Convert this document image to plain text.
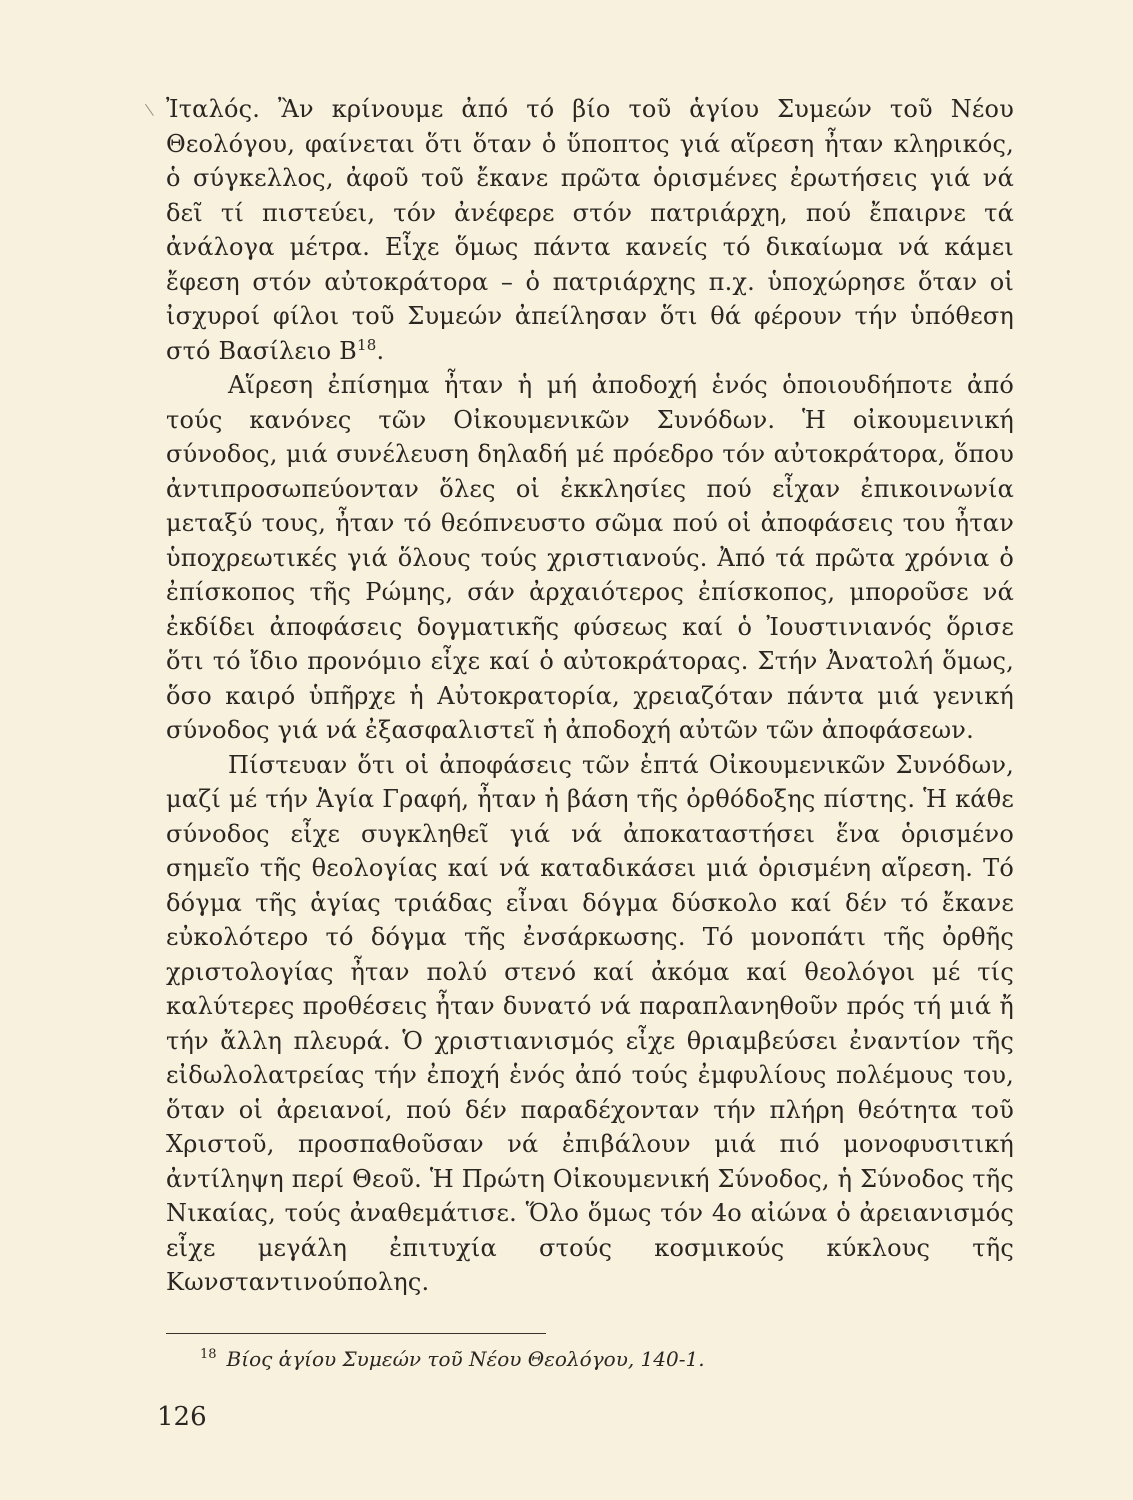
Ἰταλός. Ἂν κρίνουμε ἀπό τό βίο τοῦ ἁγίου Συμεών τοῦ Νέου Θεολόγου, φαίνεται ὅτι ὅταν ὁ ὕποπτος γιά αἵρεση ἦταν κληρικός, ὁ σύγκελλος, ἀφοῦ τοῦ ἔκανε πρῶτα ὁρισμένες ἐρωτήσεις γιά νά δεῖ τί πιστεύει, τόν ἀνέφερε στόν πατριάρχη, πού ἔπαιρνε τά ἀνάλογα μέτρα. Εἶχε ὅμως πάντα κανείς τό δικαίωμα νά κάμει ἔφεση στόν αὐτοκράτορα – ὁ πατριάρχης π.χ. ὑποχώρησε ὅταν οἱ ἰσχυροί φίλοι τοῦ Συμεών ἀπείλησαν ὅτι θά φέρουν τήν ὑπόθεση στό Βασίλειο Β$^{18}$.

Αἵρεση ἐπίσημα ἦταν ἡ μή ἀποδοχή ἑνός ὁποιουδήποτε ἀπό τούς κανόνες τῶν Οἰκουμενικῶν Συνόδων. Ἡ οἰκουμεινική σύνοδος, μιά συνέλευση δηλαδή μέ πρόεδρο τόν αὐτοκράτορα, ὅπου ἀντιπροσωπεύονταν ὅλες οἱ ἐκκλησίες πού εἶχαν ἐπικοινωνία μεταξύ τους, ἦταν τό θεόπνευστο σῶμα πού οἱ ἀποφάσεις του ἦταν ὑποχρεωτικές γιά ὅλους τούς χριστιανούς. Ἀπό τά πρῶτα χρόνια ὁ ἐπίσκοπος τῆς Ρώμης, σάν ἀρχαιότερος ἐπίσκοπος, μποροῦσε νά ἐκδίδει ἀποφάσεις δογματικῆς φύσεως καί ὁ Ἰουστινιανός ὅρισε ὅτι τό ἴδιο προνόμιο εἶχε καί ὁ αὐτοκράτορας. Στήν Ἀνατολή ὅμως, ὅσο καιρό ὑπῆρχε ἡ Αὐτοκρατορία, χρειαζόταν πάντα μιά γενική σύνοδος γιά νά ἐξασφαλιστεῖ ἡ ἀποδοχή αὐτῶν τῶν ἀποφάσεων.

Πίστευαν ὅτι οἱ ἀποφάσεις τῶν ἑπτά Οἰκουμενικῶν Συνόδων, μαζί μέ τήν Ἁγία Γραφή, ἦταν ἡ βάση τῆς ὀρθόδοξης πίστης. Ἡ κάθε σύνοδος εἶχε συγκληθεῖ γιά νά ἀποκαταστήσει ἕνα ὁρισμένο σημεῖο τῆς θεολογίας καί νά καταδικάσει μιά ὁρισμένη αἵρεση. Τό δόγμα τῆς ἁγίας τριάδας εἶναι δόγμα δύσκολο καί δέν τό ἔκανε εὐκολότερο τό δόγμα τῆς ἐνσάρκωσης. Τό μονοπάτι τῆς ὀρθῆς χριστολογίας ἦταν πολύ στενό καί ἀκόμα καί θεολόγοι μέ τίς καλύτερες προθέσεις ἦταν δυνατό νά παραπλανηθοῦν πρός τή μιά ἤ τήν ἄλλη πλευρά. Ὁ χριστιανισμός εἶχε θριαμβεύσει ἐναντίον τῆς εἰδωλολατρείας τήν ἐποχή ἑνός ἀπό τούς ἐμφυλίους πολέμους του, ὅταν οἱ ἀρειανοί, πού δέν παραδέχονταν τήν πλήρη θεότητα τοῦ Χριστοῦ, προσπαθοῦσαν νά ἐπιβάλουν μιά πιό μονοφυσιτική ἀντίληψη περί Θεοῦ. Ἡ Πρώτη Οἰκουμενική Σύνοδος, ἡ Σύνοδος τῆς Νικαίας, τούς ἀναθεμάτισε. Ὅλο ὅμως τόν 4ο αἰώνα ὁ ἀρειανισμός εἶχε μεγάλη ἐπιτυχία στούς κοσμικούς κύκλους τῆς Κωνσταντινούπολης.

$^{18}$ Βίος ἁγίου Συμεών τοῦ Νέου Θεολόγου, 140-1.
126
